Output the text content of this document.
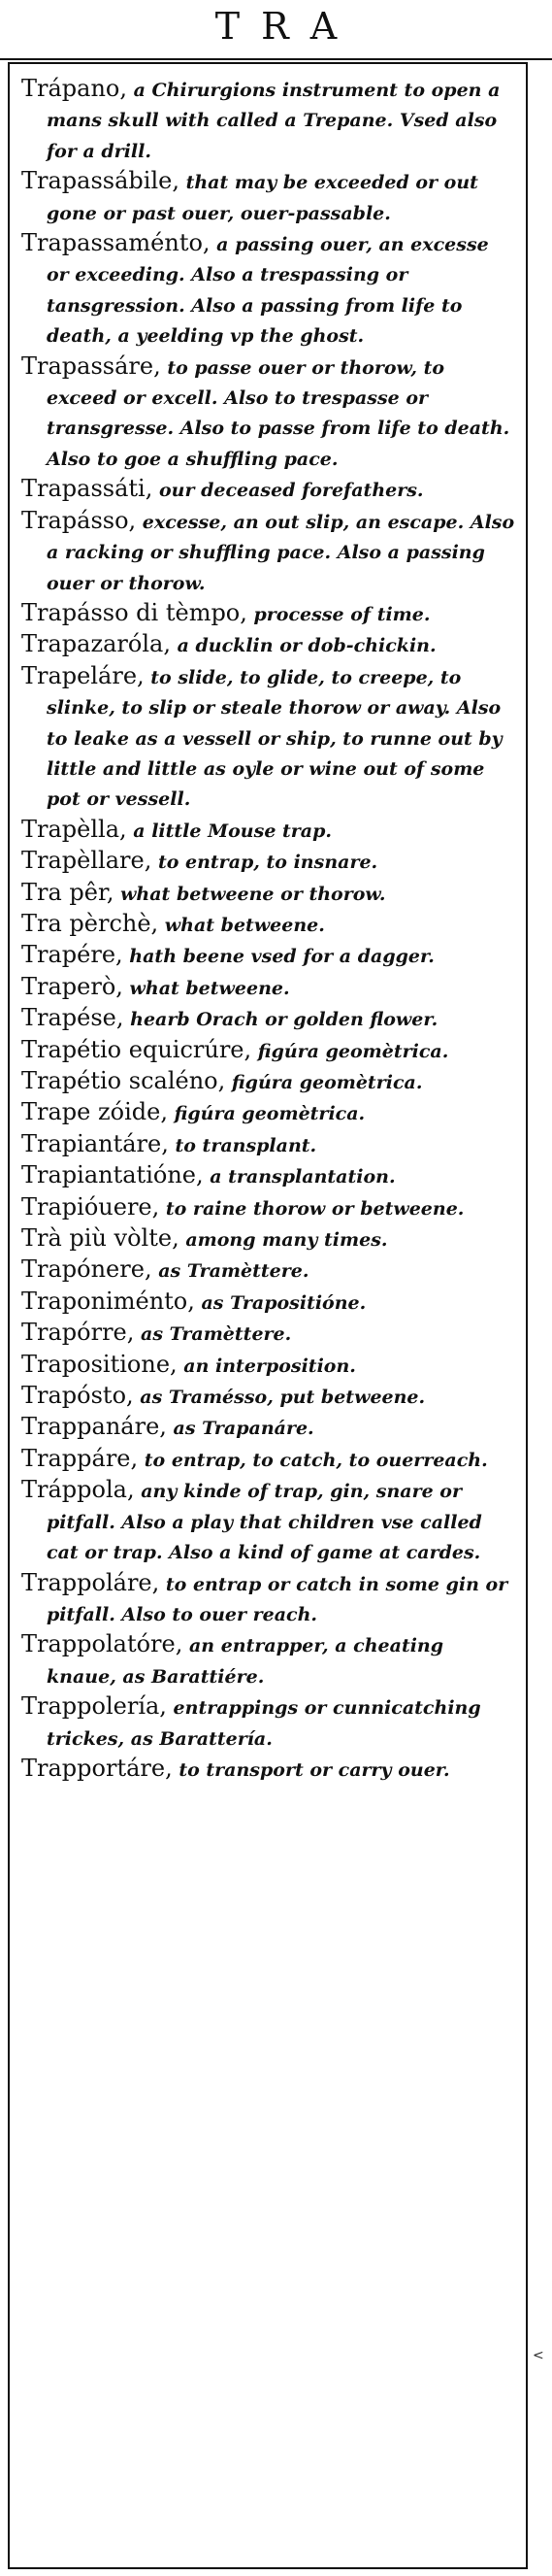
TRA

Trápano, a Chirurgions instrument to open a mans skull with called a Trepane. Vsed also for a drill.

Trapassábile, that may be exceeded or out gone or past ouer, ouer-passable.

Trapassaménto, a passing ouer, an excesse or exceeding. Also a trespassing or tansgression. Also a passing from life to death, a yeelding vp the ghost.

Trapassáre, to passe ouer or thorow, to exceed or excell. Also to trespasse or transgresse. Also to passe from life to death. Also to goe a shuffling pace.

Trapassáti, our deceased forefathers.

Trapásso, excesse, an out slip, an escape. Also a racking or shuffling pace. Also a passing ouer or thorow.

Trapásso di tèmpo, processe of time.

Trapazaróla, a ducklin or dob-chickin.

Trapeláre, to slide, to glide, to creepe, to slinke, to slip or steale thorow or away. Also to leake as a vessell or ship, to runne out by little and little as oyle or wine out of some pot or vessell.

Trapèlla, a little Mouse trap.

Trapèllare, to entrap, to insnare.

Tra pêr, what betweene or thorow.

Tra pèrchè, what betweene.

Trapére, hath beene vsed for a dagger.

Traperò, what betweene.

Trapése, hearb Orach or golden flower.

Trapétio equicrúre, figúra geomètrica.

Trapétio scaléno, figúra geomètrica.

Trape zóide, figúra geomètrica.

Trapiantáre, to transplant.

Trapiantatióne, a transplantation.

Trapióuere, to raine thorow or betweene.

Trà più vòlte, among many times.

Trapónere, as Tramèttere.

Traponiménto, as Trapositióne.

Trapórre, as Tramèttere.

Trapositione, an interposition.

Trapósto, as Tramésso, put betweene.

Trappanáre, as Trapanáre.

Trappáre, to entrap, to catch, to ouerreach.

Tráppola, any kinde of trap, gin, snare or pitfall. Also a play that children vse called cat or trap. Also a kind of game at cardes.

Trappoláre, to entrap or catch in some gin or pitfall. Also to ouer reach.

Trappolatóre, an entrapper, a cheating knaue, as Barattiére.

Trappolería, entrappings or cunnicatching trickes, as Barattería.

Trapportáre, to transport or carry ouer.

<
